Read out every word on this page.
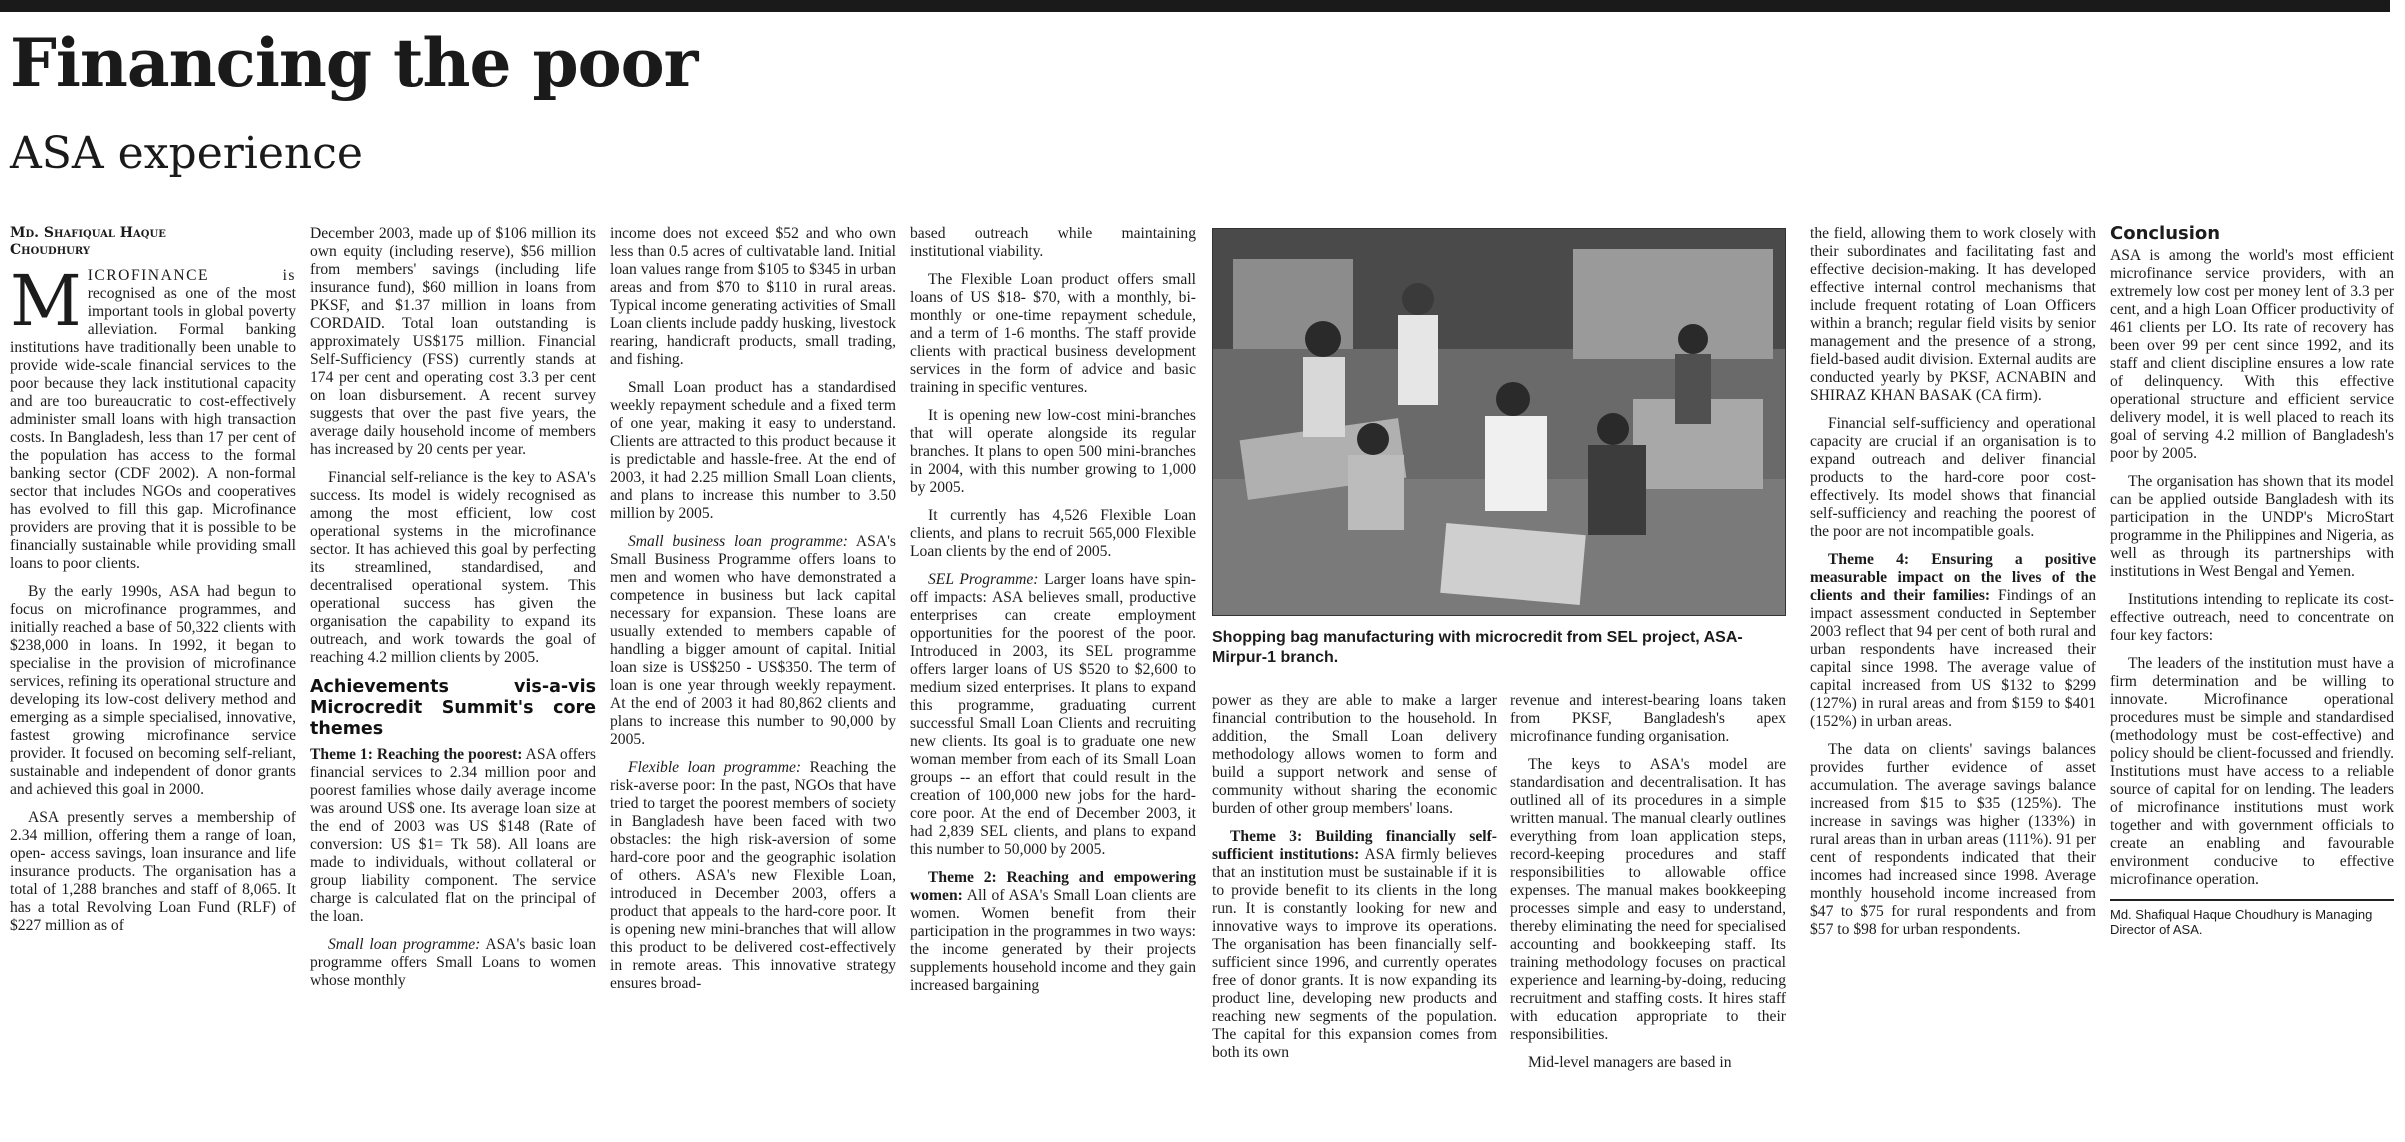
Financing the poor
ASA experience
Md. Shafiqual Haque
Choudhury

MICROFINANCE is recognised as one of the most important tools in global poverty alleviation. Formal banking institutions have traditionally been unable to provide wide-scale financial services to the poor because they lack institutional capacity and are too bureaucratic to cost-effectively administer small loans with high transaction costs. In Bangladesh, less than 17 per cent of the population has access to the formal banking sector (CDF 2002). A non-formal sector that includes NGOs and cooperatives has evolved to fill this gap. Microfinance providers are proving that it is possible to be financially sustainable while providing small loans to poor clients.

By the early 1990s, ASA had begun to focus on microfinance programmes, and initially reached a base of 50,322 clients with $238,000 in loans. In 1992, it began to specialise in the provision of microfinance services, refining its operational structure and developing its low-cost delivery method and emerging as a simple specialised, innovative, fastest growing microfinance service provider. It focused on becoming self-reliant, sustainable and independent of donor grants and achieved this goal in 2000.

ASA presently serves a membership of 2.34 million, offering them a range of loan, open- access savings, loan insurance and life insurance products. The organisation has a total of 1,288 branches and staff of 8,065. It has a total Revolving Loan Fund (RLF) of $227 million as of

December 2003, made up of $106 million its own equity (including reserve), $56 million from members' savings (including life insurance fund), $60 million in loans from PKSF, and $1.37 million in loans from CORDAID. Total loan outstanding is approximately US$175 million. Financial Self-Sufficiency (FSS) currently stands at 174 per cent and operating cost 3.3 per cent on loan disbursement. A recent survey suggests that over the past five years, the average daily household income of members has increased by 20 cents per year.

Financial self-reliance is the key to ASA's success. Its model is widely recognised as among the most efficient, low cost operational systems in the microfinance sector. It has achieved this goal by perfecting its streamlined, standardised, and decentralised operational system. This operational success has given the organisation the capability to expand its outreach, and work towards the goal of reaching 4.2 million clients by 2005.

Achievements vis-a-vis Microcredit Summit's core themes

Theme 1: Reaching the poorest: ASA offers financial services to 2.34 million poor and poorest families whose daily average income was around US$ one. Its average loan size at the end of 2003 was US $148 (Rate of conversion: US $1= Tk 58). All loans are made to individuals, without collateral or group liability component. The service charge is calculated flat on the principal of the loan.

Small loan programme: ASA's basic loan programme offers Small Loans to women whose monthly

income does not exceed $52 and who own less than 0.5 acres of cultivatable land. Initial loan values range from $105 to $345 in urban areas and from $70 to $110 in rural areas. Typical income generating activities of Small Loan clients include paddy husking, livestock rearing, handicraft products, small trading, and fishing.

Small Loan product has a standardised weekly repayment schedule and a fixed term of one year, making it easy to understand. Clients are attracted to this product because it is predictable and hassle-free. At the end of 2003, it had 2.25 million Small Loan clients, and plans to increase this number to 3.50 million by 2005.

Small business loan programme: ASA's Small Business Programme offers loans to men and women who have demonstrated a competence in business but lack capital necessary for expansion. These loans are usually extended to members capable of handling a bigger amount of capital. Initial loan size is US$250 - US$350. The term of loan is one year through weekly repayment. At the end of 2003 it had 80,862 clients and plans to increase this number to 90,000 by 2005.

Flexible loan programme: Reaching the risk-averse poor: In the past, NGOs that have tried to target the poorest members of society in Bangladesh have been faced with two obstacles: the high risk-aversion of some hard-core poor and the geographic isolation of others. ASA's new Flexible Loan, introduced in December 2003, offers a product that appeals to the hard-core poor. It is opening new mini-branches that will allow this product to be delivered cost-effectively in remote areas. This innovative strategy ensures broad-

based outreach while maintaining institutional viability.

The Flexible Loan product offers small loans of US $18- $70, with a monthly, bi-monthly or one-time repayment schedule, and a term of 1-6 months. The staff provide clients with practical business development services in the form of advice and basic training in specific ventures.

It is opening new low-cost mini-branches that will operate alongside its regular branches. It plans to open 500 mini-branches in 2004, with this number growing to 1,000 by 2005.

It currently has 4,526 Flexible Loan clients, and plans to recruit 565,000 Flexible Loan clients by the end of 2005.

SEL Programme: Larger loans have spin-off impacts: ASA believes small, productive enterprises can create employment opportunities for the poorest of the poor. Introduced in 2003, its SEL programme offers larger loans of US $520 to $2,600 to medium sized enterprises. It plans to expand this programme, graduating current successful Small Loan Clients and recruiting new clients. Its goal is to graduate one new woman member from each of its Small Loan groups -- an effort that could result in the creation of 100,000 new jobs for the hard-core poor. At the end of December 2003, it had 2,839 SEL clients, and plans to expand this number to 50,000 by 2005.

Theme 2: Reaching and empowering women: All of ASA's Small Loan clients are women. Women benefit from their participation in the programmes in two ways: the income generated by their projects supplements household income and they gain increased bargaining

Shopping bag manufacturing with microcredit from SEL project, ASA-Mirpur-1 branch.

power as they are able to make a larger financial contribution to the household. In addition, the Small Loan delivery methodology allows women to form and build a support network and sense of community without sharing the economic burden of other group members' loans.

Theme 3: Building financially self-sufficient institutions: ASA firmly believes that an institution must be sustainable if it is to provide benefit to its clients in the long run. It is constantly looking for new and innovative ways to improve its operations. The organisation has been financially self-sufficient since 1996, and currently operates free of donor grants. It is now expanding its product line, developing new products and reaching new segments of the population. The capital for this expansion comes from both its own

revenue and interest-bearing loans taken from PKSF, Bangladesh's apex microfinance funding organisation.

The keys to ASA's model are standardisation and decentralisation. It has outlined all of its procedures in a simple written manual. The manual clearly outlines everything from loan application steps, record-keeping procedures and staff responsibilities to allowable office expenses. The manual makes bookkeeping processes simple and easy to understand, thereby eliminating the need for specialised accounting and bookkeeping staff. Its training methodology focuses on practical experience and learning-by-doing, reducing recruitment and staffing costs. It hires staff with education appropriate to their responsibilities.

Mid-level managers are based in

the field, allowing them to work closely with their subordinates and facilitating fast and effective decision-making. It has developed effective internal control mechanisms that include frequent rotating of Loan Officers within a branch; regular field visits by senior management and the presence of a strong, field-based audit division. External audits are conducted yearly by PKSF, ACNABIN and SHIRAZ KHAN BASAK (CA firm).

Financial self-sufficiency and operational capacity are crucial if an organisation is to expand outreach and deliver financial products to the hard-core poor cost-effectively. Its model shows that financial self-sufficiency and reaching the poorest of the poor are not incompatible goals.

Theme 4: Ensuring a positive measurable impact on the lives of the clients and their families: Findings of an impact assessment conducted in September 2003 reflect that 94 per cent of both rural and urban respondents have increased their capital since 1998. The average value of capital increased from US $132 to $299 (127%) in rural areas and from $159 to $401 (152%) in urban areas.

The data on clients' savings balances provides further evidence of asset accumulation. The average savings balance increased from $15 to $35 (125%). The increase in savings was higher (133%) in rural areas than in urban areas (111%). 91 per cent of respondents indicated that their incomes had increased since 1998. Average monthly household income increased from $47 to $75 for rural respondents and from $57 to $98 for urban respondents.

Conclusion

ASA is among the world's most efficient microfinance service providers, with an extremely low cost per money lent of 3.3 per cent, and a high Loan Officer productivity of 461 clients per LO. Its rate of recovery has been over 99 per cent since 1992, and its staff and client discipline ensures a low rate of delinquency. With this effective operational structure and efficient service delivery model, it is well placed to reach its goal of serving 4.2 million of Bangladesh's poor by 2005.

The organisation has shown that its model can be applied outside Bangladesh with its participation in the UNDP's MicroStart programme in the Philippines and Nigeria, as well as through its partnerships with institutions in West Bengal and Yemen.

Institutions intending to replicate its cost-effective outreach, need to concentrate on four key factors:

The leaders of the institution must have a firm determination and be willing to innovate. Microfinance operational procedures must be simple and standardised (methodology must be cost-effective) and policy should be client-focussed and friendly. Institutions must have access to a reliable source of capital for on lending. The leaders of microfinance institutions must work together and with government officials to create an enabling and favourable environment conducive to effective microfinance operation.

Md. Shafiqual Haque Choudhury is Managing Director of ASA.
